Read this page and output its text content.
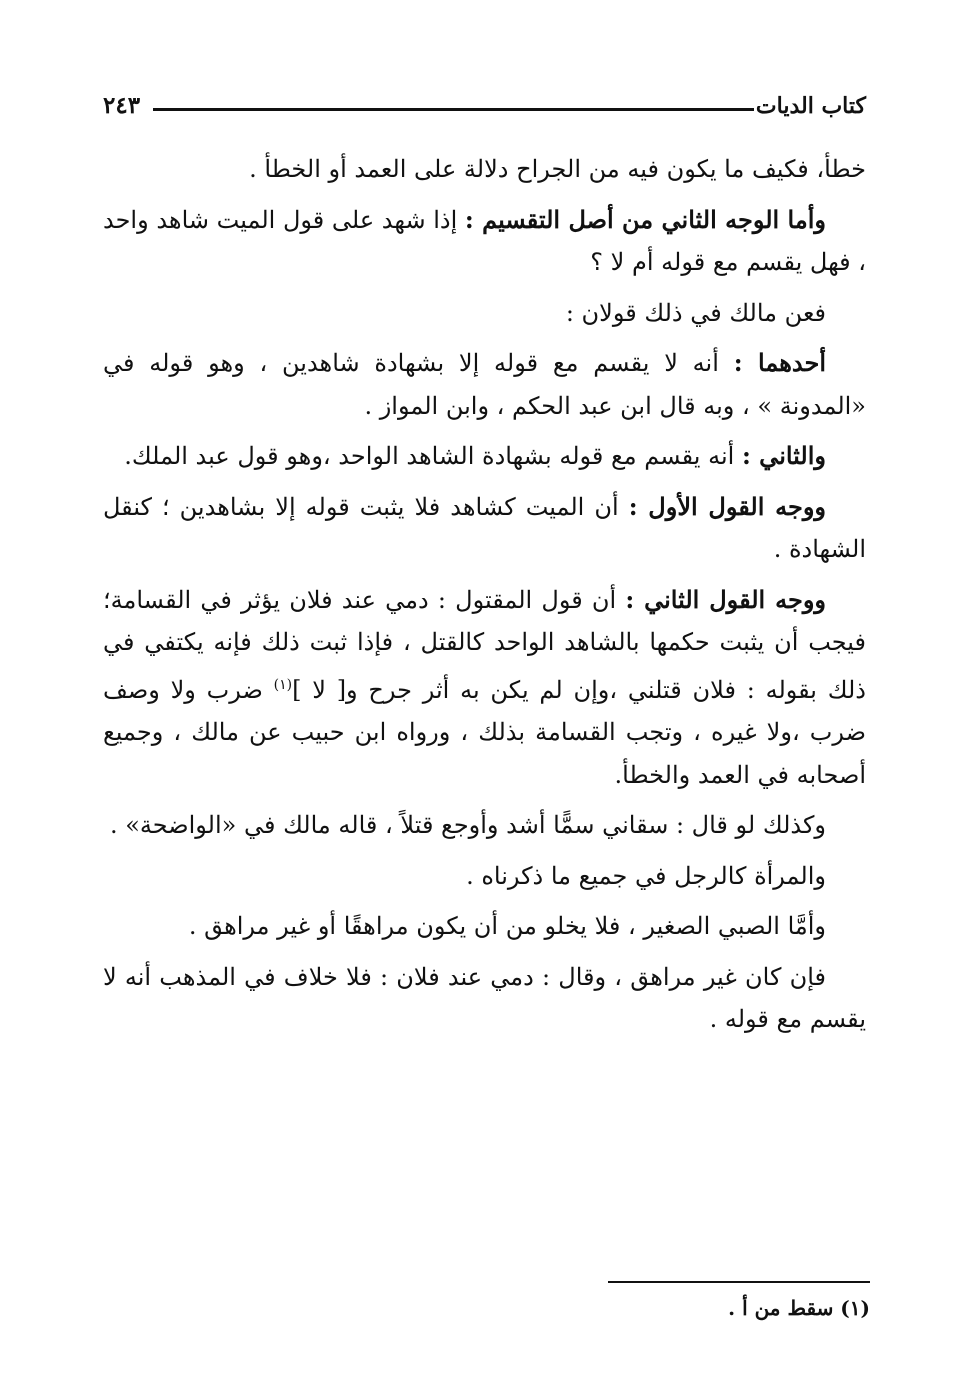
كتاب الديات
٢٤٣

خطأ، فكيف ما يكون فيه من الجراح دلالة على العمد أو الخطأ .

وأما الوجه الثاني من أصل التقسيم : إذا شهد على قول الميت شاهد واحد ، فهل يقسم مع قوله أم لا ؟

فعن مالك في ذلك قولان :

أحدهما : أنه لا يقسم مع قوله إلا بشهادة شاهدين ، وهو قوله في «المدونة » ، وبه قال ابن عبد الحكم ، وابن المواز .

والثاني : أنه يقسم مع قوله بشهادة الشاهد الواحد ،وهو قول عبد الملك.

ووجه القول الأول : أن الميت كشاهد فلا يثبت قوله إلا بشاهدين ؛ كنقل الشهادة .

ووجه القول الثاني : أن قول المقتول : دمي عند فلان يؤثر في القسامة؛ فيجب أن يثبت حكمها بالشاهد الواحد كالقتل ، فإذا ثبت ذلك فإنه يكتفي في ذلك بقوله : فلان قتلني ،وإن لم يكن به أثر جرح و[ لا ]$^{(١)}$ ضرب ولا وصف ضرب ،ولا غيره ، وتجب القسامة بذلك ، ورواه ابن حبيب عن مالك ، وجميع أصحابه في العمد والخطأ.

وكذلك لو قال : سقاني سمًّا أشد وأوجع قتلاً ، قاله مالك في «الواضحة» .

والمرأة كالرجل في جميع ما ذكرناه .

وأمَّا الصبي الصغير ، فلا يخلو من أن يكون مراهقًا أو غير مراهق .

فإن كان غير مراهق ، وقال : دمي عند فلان : فلا خلاف في المذهب أنه لا يقسم مع قوله .

(١) سقط من أ .
